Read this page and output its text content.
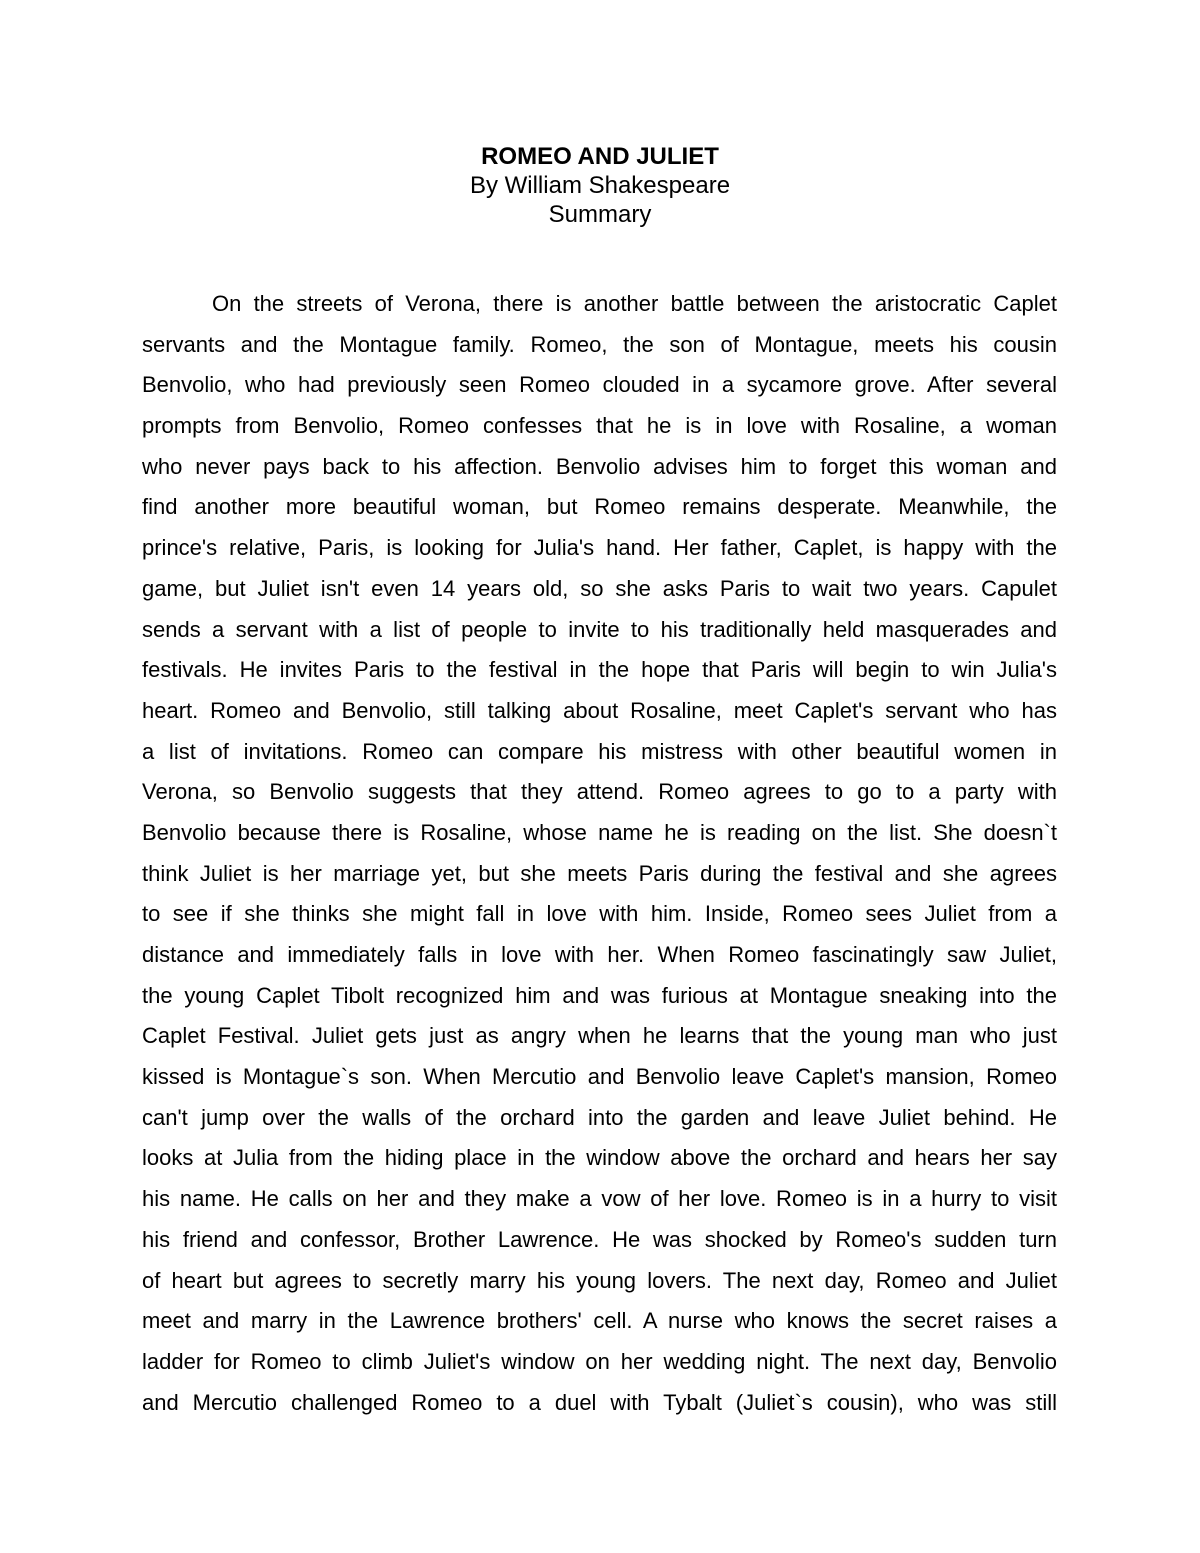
ROMEO AND JULIET
By William Shakespeare
Summary
On the streets of Verona, there is another battle between the aristocratic Caplet
servants and the Montague family. Romeo, the son of Montague, meets his cousin
Benvolio, who had previously seen Romeo clouded in a sycamore grove. After several
prompts from Benvolio, Romeo confesses that he is in love with Rosaline, a woman
who never pays back to his affection. Benvolio advises him to forget this woman and
find another more beautiful woman, but Romeo remains desperate. Meanwhile, the
prince's relative, Paris, is looking for Julia's hand. Her father, Caplet, is happy with the
game, but Juliet isn't even 14 years old, so she asks Paris to wait two years. Capulet
sends a servant with a list of people to invite to his traditionally held masquerades and
festivals. He invites Paris to the festival in the hope that Paris will begin to win Julia's
heart. Romeo and Benvolio, still talking about Rosaline, meet Caplet's servant who has
a list of invitations. Romeo can compare his mistress with other beautiful women in
Verona, so Benvolio suggests that they attend. Romeo agrees to go to a party with
Benvolio because there is Rosaline, whose name he is reading on the list. She doesn`t
think Juliet is her marriage yet, but she meets Paris during the festival and she agrees
to see if she thinks she might fall in love with him. Inside, Romeo sees Juliet from a
distance and immediately falls in love with her. When Romeo fascinatingly saw Juliet,
the young Caplet Tibolt recognized him and was furious at Montague sneaking into the
Caplet Festival. Juliet gets just as angry when he learns that the young man who just
kissed is Montague`s son. When Mercutio and Benvolio leave Caplet's mansion, Romeo
can't jump over the walls of the orchard into the garden and leave Juliet behind. He
looks at Julia from the hiding place in the window above the orchard and hears her say
his name. He calls on her and they make a vow of her love. Romeo is in a hurry to visit
his friend and confessor, Brother Lawrence. He was shocked by Romeo's sudden turn
of heart but agrees to secretly marry his young lovers. The next day, Romeo and Juliet
meet and marry in the Lawrence brothers' cell. A nurse who knows the secret raises a
ladder for Romeo to climb Juliet's window on her wedding night. The next day, Benvolio
and Mercutio challenged Romeo to a duel with Tybalt (Juliet`s cousin), who was still
